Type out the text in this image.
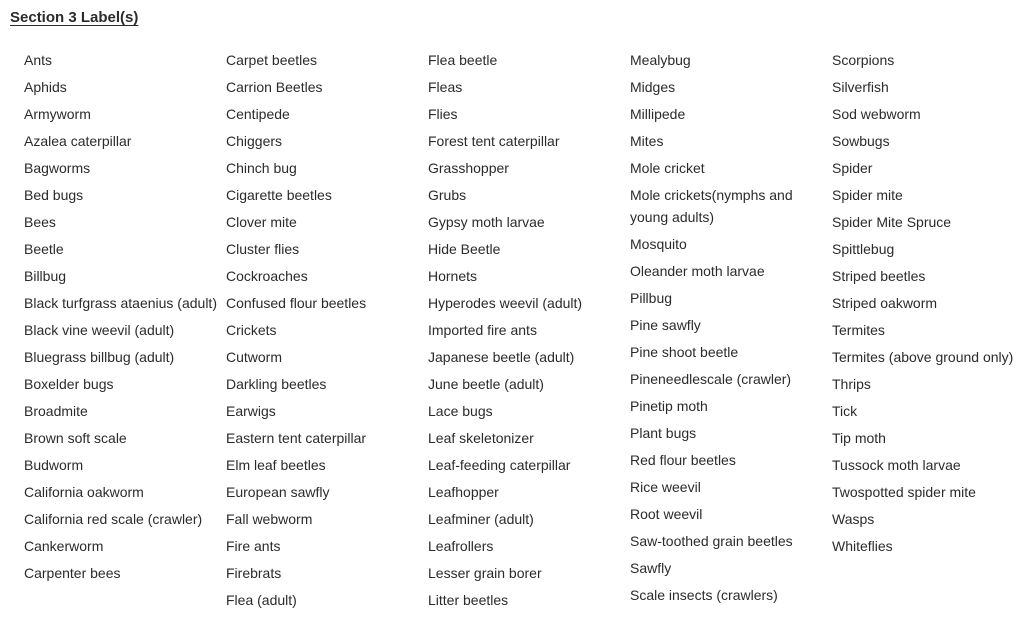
Section 3 Label(s)
Ants
Aphids
Armyworm
Azalea caterpillar
Bagworms
Bed bugs
Bees
Beetle
Billbug
Black turfgrass ataenius (adult)
Black vine weevil (adult)
Bluegrass billbug (adult)
Boxelder bugs
Broadmite
Brown soft scale
Budworm
California oakworm
California red scale (crawler)
Cankerworm
Carpenter bees
Carpet beetles
Carrion Beetles
Centipede
Chiggers
Chinch bug
Cigarette beetles
Clover mite
Cluster flies
Cockroaches
Confused flour beetles
Crickets
Cutworm
Darkling beetles
Earwigs
Eastern tent caterpillar
Elm leaf beetles
European sawfly
Fall webworm
Fire ants
Firebrats
Flea (adult)
Flea beetle
Fleas
Flies
Forest tent caterpillar
Grasshopper
Grubs
Gypsy moth larvae
Hide Beetle
Hornets
Hyperodes weevil (adult)
Imported fire ants
Japanese beetle (adult)
June beetle (adult)
Lace bugs
Leaf skeletonizer
Leaf-feeding caterpillar
Leafhopper
Leafminer (adult)
Leafrollers
Lesser grain borer
Litter beetles
Mealybug
Midges
Millipede
Mites
Mole cricket
Mole crickets(nymphs and young adults)
Mosquito
Oleander moth larvae
Pillbug
Pine sawfly
Pine shoot beetle
Pineneedlescale (crawler)
Pinetip moth
Plant bugs
Red flour beetles
Rice weevil
Root weevil
Saw-toothed grain beetles
Sawfly
Scale insects (crawlers)
Scorpions
Silverfish
Sod webworm
Sowbugs
Spider
Spider mite
Spider Mite Spruce
Spittlebug
Striped beetles
Striped oakworm
Termites
Termites (above ground only)
Thrips
Tick
Tip moth
Tussock moth larvae
Twospotted spider mite
Wasps
Whiteflies
